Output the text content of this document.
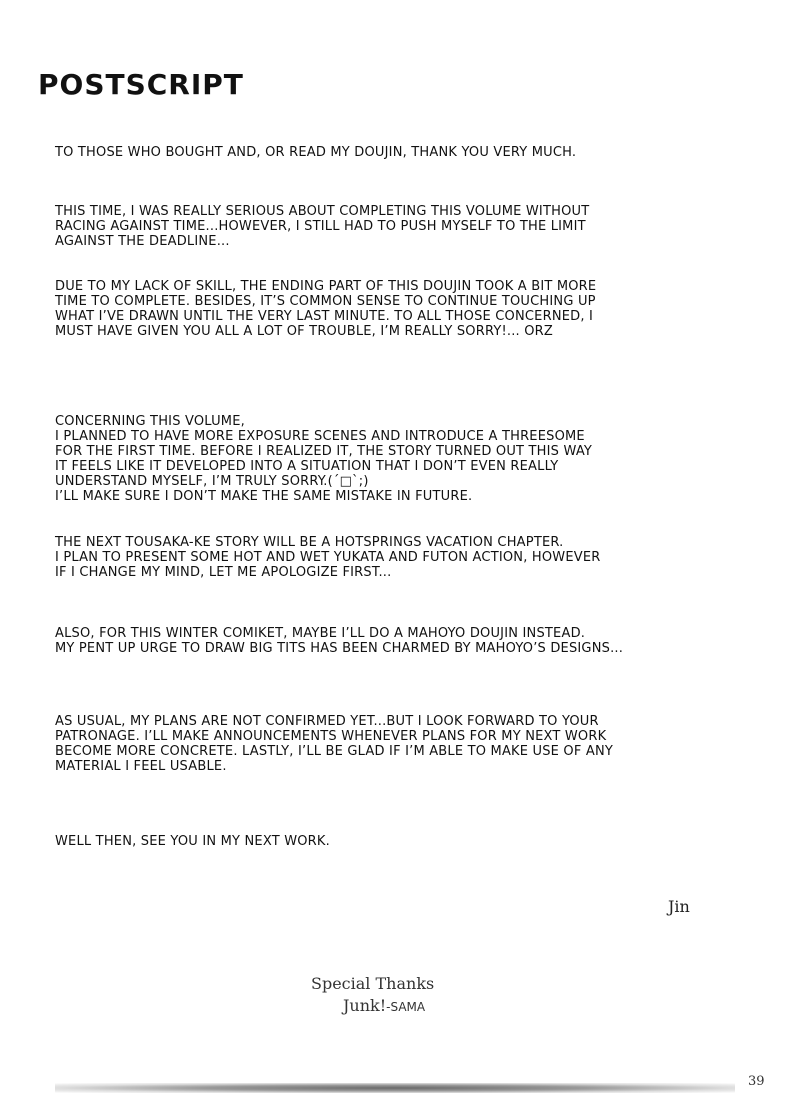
POSTSCRIPT

TO THOSE WHO BOUGHT AND, OR READ MY DOUJIN, THANK YOU VERY MUCH.

THIS TIME, I WAS REALLY SERIOUS ABOUT COMPLETING THIS VOLUME WITHOUT
RACING AGAINST TIME...HOWEVER, I STILL HAD TO PUSH MYSELF TO THE LIMIT
AGAINST THE DEADLINE...

DUE TO MY LACK OF SKILL, THE ENDING PART OF THIS DOUJIN TOOK A BIT MORE
TIME TO COMPLETE. BESIDES, IT’S COMMON SENSE TO CONTINUE TOUCHING UP
WHAT I’VE DRAWN UNTIL THE VERY LAST MINUTE. TO ALL THOSE CONCERNED, I
MUST HAVE GIVEN YOU ALL A LOT OF TROUBLE, I’M REALLY SORRY!... ORZ

CONCERNING THIS VOLUME,
I PLANNED TO HAVE MORE EXPOSURE SCENES AND INTRODUCE A THREESOME
FOR THE FIRST TIME. BEFORE I REALIZED IT, THE STORY TURNED OUT THIS WAY
IT FEELS LIKE IT DEVELOPED INTO A SITUATION THAT I DON’T EVEN REALLY
UNDERSTAND MYSELF, I’M TRULY SORRY.(´□`;)
I’LL MAKE SURE I DON’T MAKE THE SAME MISTAKE IN FUTURE.

THE NEXT TOUSAKA-KE STORY WILL BE A HOTSPRINGS VACATION CHAPTER.
I PLAN TO PRESENT SOME HOT AND WET YUKATA AND FUTON ACTION, HOWEVER
IF I CHANGE MY MIND, LET ME APOLOGIZE FIRST...

ALSO, FOR THIS WINTER COMIKET, MAYBE I’LL DO A MAHOYO DOUJIN INSTEAD.
MY PENT UP URGE TO DRAW BIG TITS HAS BEEN CHARMED BY MAHOYO’S DESIGNS...

AS USUAL, MY PLANS ARE NOT CONFIRMED YET...BUT I LOOK FORWARD TO YOUR
PATRONAGE. I’LL MAKE ANNOUNCEMENTS WHENEVER PLANS FOR MY NEXT WORK
BECOME MORE CONCRETE. LASTLY, I’LL BE GLAD IF I’M ABLE TO MAKE USE OF ANY
MATERIAL I FEEL USABLE.

WELL THEN, SEE YOU IN MY NEXT WORK.

Jin
Special Thanks
Junk!-SAMA
39
